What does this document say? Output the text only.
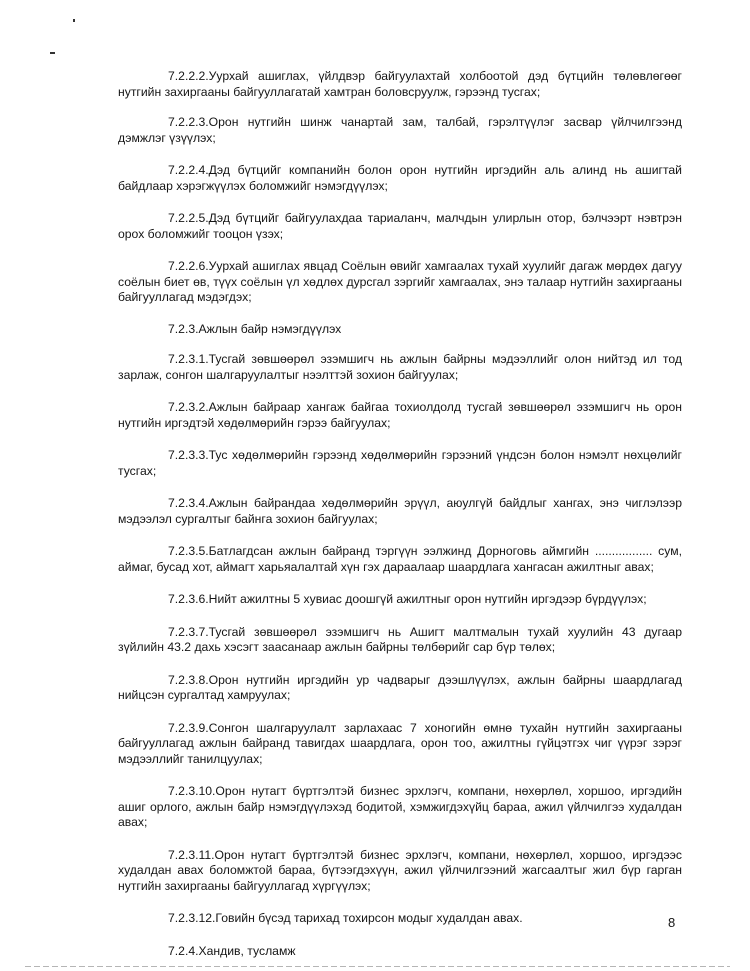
7.2.2.2.Уурхай ашиглах, үйлдвэр байгуулахтай холбоотой дэд бүтцийн төлөвлөгөөг нутгийн захиргааны байгууллагатай хамтран боловсруулж, гэрээнд тусгах;

7.2.2.3.Орон нутгийн шинж чанартай зам, талбай, гэрэлтүүлэг засвар үйлчилгээнд дэмжлэг үзүүлэх;

7.2.2.4.Дэд бүтцийг компанийн болон орон нутгийн иргэдийн аль алинд нь ашигтай байдлаар хэрэгжүүлэх боломжийг нэмэгдүүлэх;

7.2.2.5.Дэд бүтцийг байгуулахдаа тариаланч, малчдын улирлын отор, бэлчээрт нэвтрэн орох боломжийг тооцон үзэх;

7.2.2.6.Уурхай ашиглах явцад Соёлын өвийг хамгаалах тухай хуулийг дагаж мөрдөх дагуу соёлын биет өв, түүх соёлын үл хөдлөх дурсгал зэргийг хамгаалах, энэ талаар нутгийн захиргааны байгууллагад мэдэгдэх;

7.2.3.Ажлын байр нэмэгдүүлэх

7.2.3.1.Тусгай зөвшөөрөл эзэмшигч нь ажлын байрны мэдээллийг олон нийтэд ил тод зарлаж, сонгон шалгаруулалтыг нээлттэй зохион байгуулах;

7.2.3.2.Ажлын байраар хангаж байгаа тохиолдолд тусгай зөвшөөрөл эзэмшигч нь орон нутгийн иргэдтэй хөдөлмөрийн гэрээ байгуулах;

7.2.3.3.Тус хөдөлмөрийн гэрээнд хөдөлмөрийн гэрээний үндсэн болон нэмэлт нөхцөлийг тусгах;

7.2.3.4.Ажлын байрандаа хөдөлмөрийн эрүүл, аюулгүй байдлыг хангах, энэ чиглэлээр мэдээлэл сургалтыг байнга зохион байгуулах;

7.2.3.5.Батлагдсан ажлын байранд тэргүүн ээлжинд Дорноговь аймгийн ................. сум, аймаг, бусад хот, аймагт харьяалалтай хүн гэх дараалаар шаардлага хангасан ажилтныг авах;

7.2.3.6.Нийт ажилтны 5 хувиас доошгүй ажилтныг орон нутгийн иргэдээр бүрдүүлэх;

7.2.3.7.Тусгай зөвшөөрөл эзэмшигч нь Ашигт малтмалын тухай хуулийн 43 дугаар зүйлийн 43.2 дахь хэсэгт заасанаар ажлын байрны төлбөрийг сар бүр төлөх;

7.2.3.8.Орон нутгийн иргэдийн ур чадварыг дээшлүүлэх, ажлын байрны шаардлагад нийцсэн сургалтад хамруулах;

7.2.3.9.Сонгон шалгаруулалт зарлахаас 7 хоногийн өмнө тухайн нутгийн захиргааны байгууллагад ажлын байранд тавигдах шаардлага, орон тоо, ажилтны гүйцэтгэх чиг үүрэг зэрэг мэдээллийг танилцуулах;

7.2.3.10.Орон нутагт бүртгэлтэй бизнес эрхлэгч, компани, нөхөрлөл, хоршоо, иргэдийн ашиг орлого, ажлын байр нэмэгдүүлэхэд бодитой, хэмжигдэхүйц бараа, ажил үйлчилгээ худалдан авах;

7.2.3.11.Орон нутагт бүртгэлтэй бизнес эрхлэгч, компани, нөхөрлөл, хоршоо, иргэдээс худалдан авах боломжтой бараа, бүтээгдэхүүн, ажил үйлчилгээний жагсаалтыг жил бүр гарган нутгийн захиргааны байгууллагад хүргүүлэх;

7.2.3.12.Говийн бүсэд тарихад тохирсон модыг худалдан авах.

7.2.4.Хандив, тусламж

8
